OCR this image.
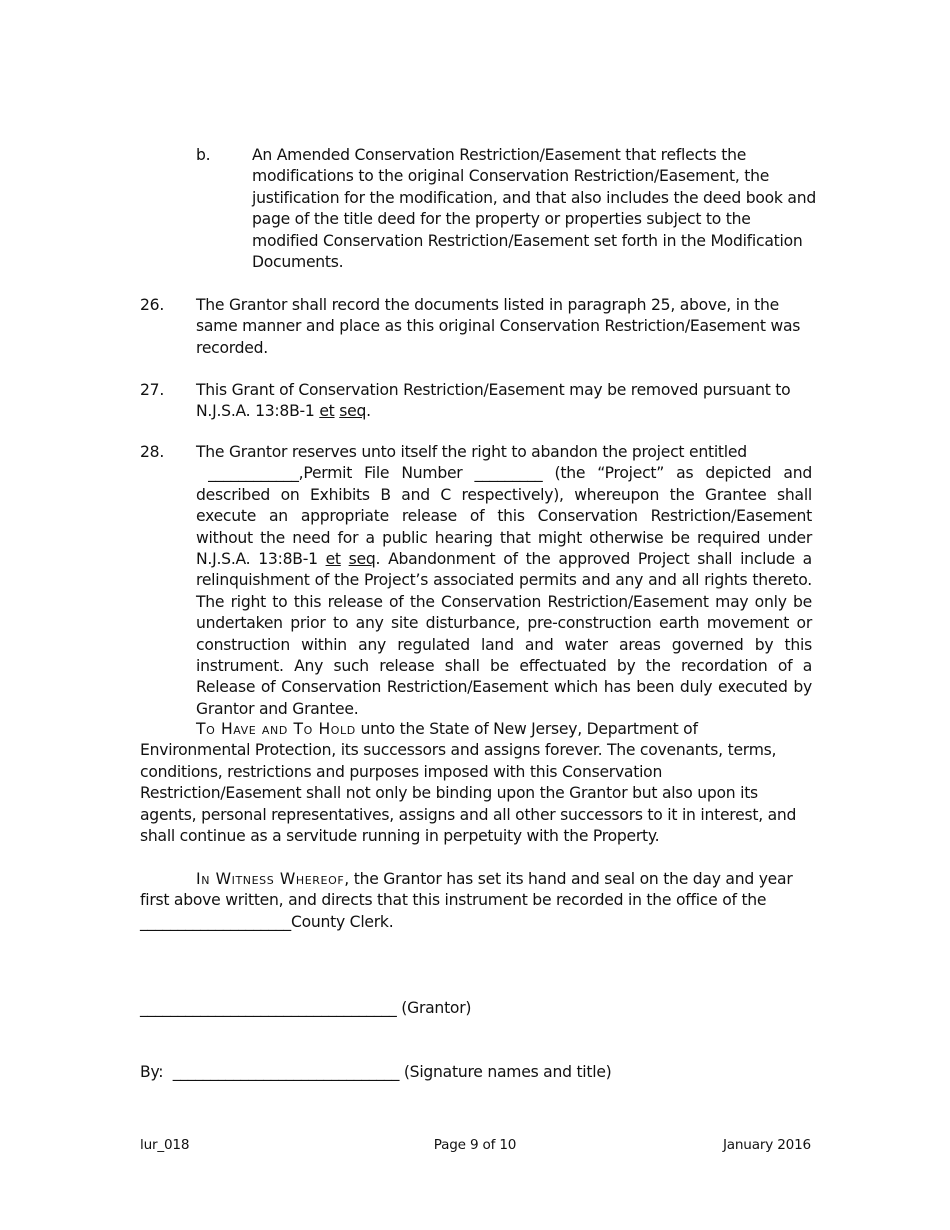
b.	An Amended Conservation Restriction/Easement that reflects the modifications to the original Conservation Restriction/Easement, the justification for the modification, and that also includes the deed book and page of the title deed for the property or properties subject to the modified Conservation Restriction/Easement set forth in the Modification Documents.
26. The Grantor shall record the documents listed in paragraph 25, above, in the same manner and place as this original Conservation Restriction/Easement was recorded.
27. This Grant of Conservation Restriction/Easement may be removed pursuant to N.J.S.A. 13:8B-1 et seq.
28. The Grantor reserves unto itself the right to abandon the project entitled
____________,Permit File Number _________ (the “Project” as depicted and described on Exhibits B and C respectively), whereupon the Grantee shall execute an appropriate release of this Conservation Restriction/Easement without the need for a public hearing that might otherwise be required under N.J.S.A. 13:8B-1 et seq. Abandonment of the approved Project shall include a relinquishment of the Project’s associated permits and any and all rights thereto. The right to this release of the Conservation Restriction/Easement may only be undertaken prior to any site disturbance, pre-construction earth movement or construction within any regulated land and water areas governed by this instrument. Any such release shall be effectuated by the recordation of a Release of Conservation Restriction/Easement which has been duly executed by Grantor and Grantee.
To Have and To Hold unto the State of New Jersey, Department of Environmental Protection, its successors and assigns forever. The covenants, terms, conditions, restrictions and purposes imposed with this Conservation Restriction/Easement shall not only be binding upon the Grantor but also upon its agents, personal representatives, assigns and all other successors to it in interest, and shall continue as a servitude running in perpetuity with the Property.
In Witness Whereof, the Grantor has set its hand and seal on the day and year first above written, and directs that this instrument be recorded in the office of the ____________________County Clerk.
__________________________________ (Grantor)
By: ______________________________ (Signature names and title)
lur_018	Page 9 of 10	January 2016
